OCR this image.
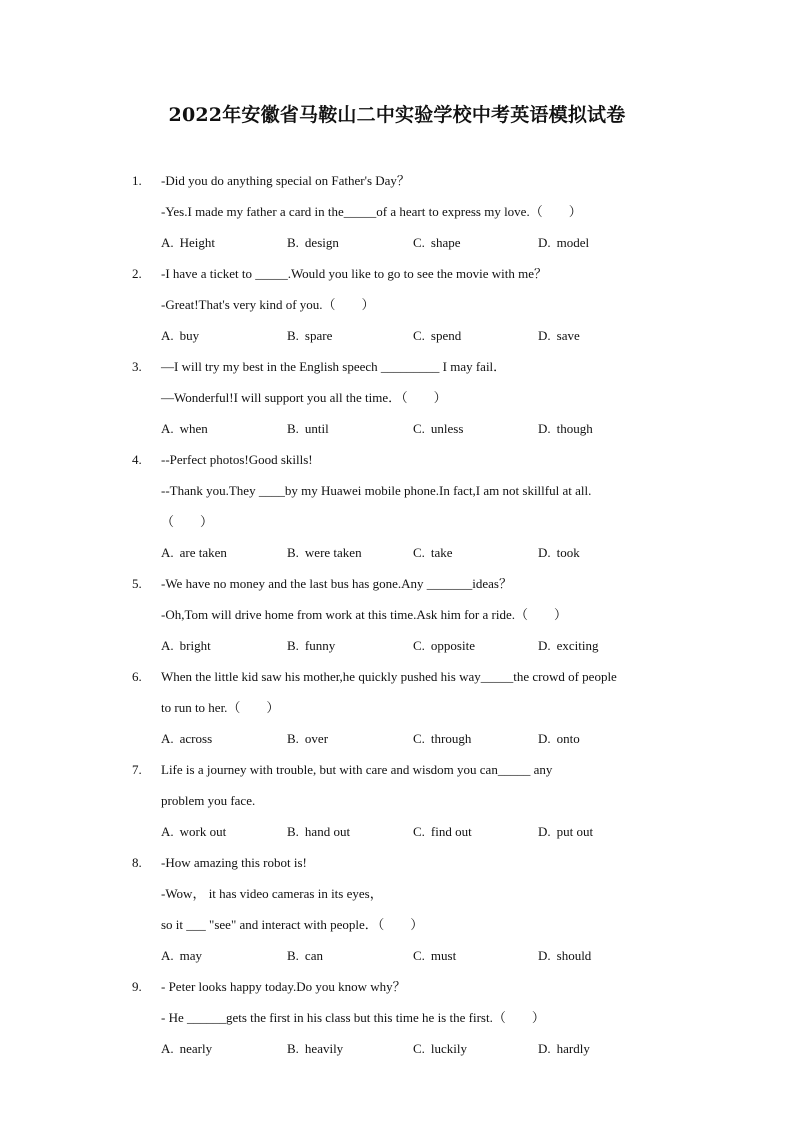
2022年安徽省马鞍山二中实验学校中考英语模拟试卷
1.	-Did you do anything special on Father's Day？
-Yes.I made my father a card in the_____of a heart to express my love.（　　）
A. Height	B. design	C. shape	D. model
2.	-I have a ticket to _____.Would you like to go to see the movie with me？
-Great!That's very kind of you.（　　）
A. buy	B. spare	C. spend	D. save
3.	—I will try my best in the English speech _________ I may fail．
—Wonderful!I will support you all the time．（　　）
A. when	B. until	C. unless	D. though
4.	--Perfect photos!Good skills!
--Thank you.They ____by my Huawei mobile phone.In fact,I am not skillful at all.
（　　）
A. are taken	B. were taken	C. take	D. took
5.	-We have no money and the last bus has gone.Any _______ideas？
-Oh,Tom will drive home from work at this time.Ask him for a ride.（　　）
A. bright	B. funny	C. opposite	D. exciting
6.	When the little kid saw his mother,he quickly pushed his way_____the crowd of people
to run to her.（　　）
A. across	B. over	C. through	D. onto
7.	Life is a journey with trouble, but with care and wisdom you can_____ any
problem you face.
A. work out	B. hand out	C. find out	D. put out
8.	-How amazing this robot is!
-Wow， it has video cameras in its eyes，
so it ___ "see" and interact with people．（　　）
A. may	B. can	C. must	D. should
9.	- Peter looks happy today.Do you know why？
- He ______gets the first in his class but this time he is the first.（　　）
A. nearly	B. heavily	C. luckily	D. hardly
